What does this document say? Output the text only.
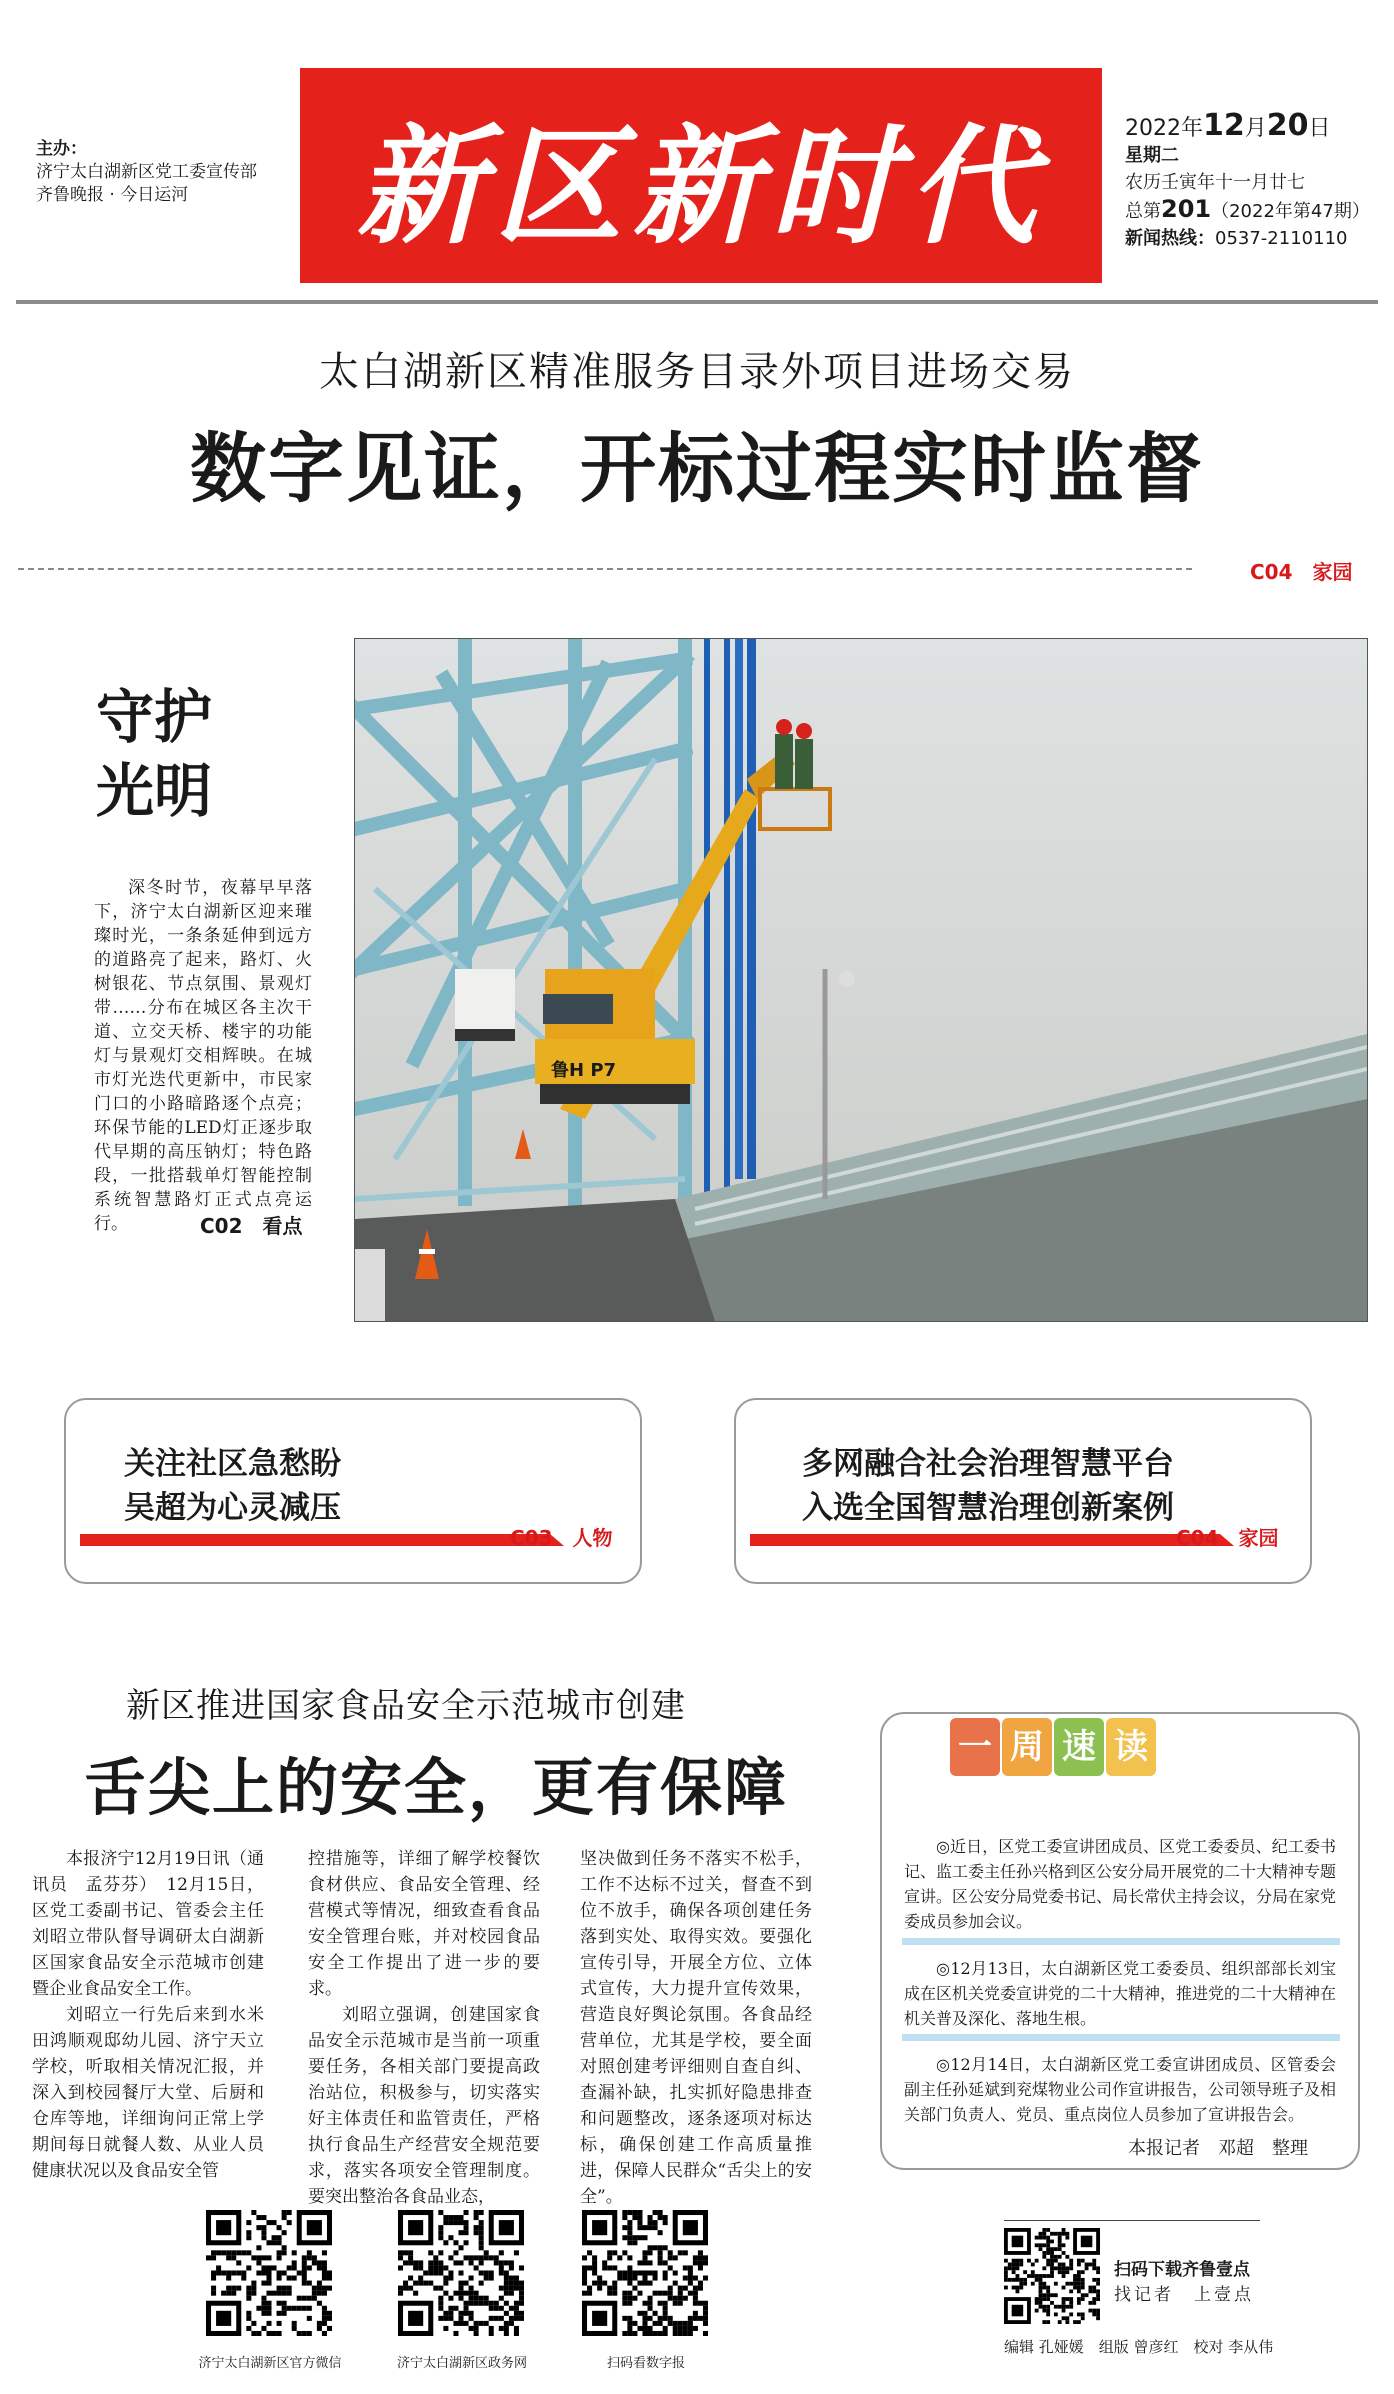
主办：
济宁太白湖新区党工委宣传部
齐鲁晚报 · 今日运河	新区新时代	2022年12月20日
星期二
农历壬寅年十一月廿七
总第201（2022年第47期）
新闻热线：0537-2110110
太白湖新区精准服务目录外项目进场交易
数字见证，开标过程实时监督
C04　家园
守护
光明
深冬时节，夜幕早早落下，济宁太白湖新区迎来璀璨时光，一条条延伸到远方的道路亮了起来，路灯、火树银花、节点氛围、景观灯带……分布在城区各主次干道、立交天桥、楼宇的功能灯与景观灯交相辉映。在城市灯光迭代更新中，市民家门口的小路暗路逐个点亮；环保节能的LED灯正逐步取代早期的高压钠灯；特色路段，一批搭载单灯智能控制系统智慧路灯正式点亮运行。	C02　看点
鲁H P7
关注社区急愁盼
吴超为心灵减压
C03　人物
多网融合社会治理智慧平台
入选全国智慧治理创新案例
C04　家园
新区推进国家食品安全示范城市创建
舌尖上的安全，更有保障

本报济宁12月19日讯（通讯员　孟芬芬）　12月15日，区党工委副书记、管委会主任刘昭立带队督导调研太白湖新区国家食品安全示范城市创建暨企业食品安全工作。

刘昭立一行先后来到水米田鸿顺观邸幼儿园、济宁天立学校，听取相关情况汇报，并深入到校园餐厅大堂、后厨和仓库等地，详细询问正常上学期间每日就餐人数、从业人员健康状况以及食品安全管

控措施等，详细了解学校餐饮食材供应、食品安全管理、经营模式等情况，细致查看食品安全管理台账，并对校园食品安全工作提出了进一步的要求。

刘昭立强调，创建国家食品安全示范城市是当前一项重要任务，各相关部门要提高政治站位，积极参与，切实落实好主体责任和监管责任，严格执行食品生产经营安全规范要求，落实各项安全管理制度。要突出整治各食品业态，

坚决做到任务不落实不松手，工作不达标不过关，督查不到位不放手，确保各项创建任务落到实处、取得实效。要强化宣传引导，开展全方位、立体式宣传，大力提升宣传效果，营造良好舆论氛围。各食品经营单位，尤其是学校，要全面对照创建考评细则自查自纠、查漏补缺，扎实抓好隐患排查和问题整改，逐条逐项对标达标，确保创建工作高质量推进，保障人民群众“舌尖上的安全”。

一 周 速 读
◎近日，区党工委宣讲团成员、区党工委委员、纪工委书记、监工委主任孙兴格到区公安分局开展党的二十大精神专题宣讲。区公安分局党委书记、局长常伏主持会议，分局在家党委成员参加会议。
◎12月13日，太白湖新区党工委委员、组织部部长刘宝成在区机关党委宣讲党的二十大精神，推进党的二十大精神在机关普及深化、落地生根。
◎12月14日，太白湖新区党工委宣讲团成员、区管委会副主任孙延斌到兖煤物业公司作宣讲报告，公司领导班子及相关部门负责人、党员、重点岗位人员参加了宣讲报告会。
本报记者　邓超　整理
济宁太白湖新区官方微信	济宁太白湖新区政务网	扫码看数字报
扫码下载齐鲁壹点
找记者　上壹点
编辑 孔娅媛　组版 曾彦红　校对 李从伟
